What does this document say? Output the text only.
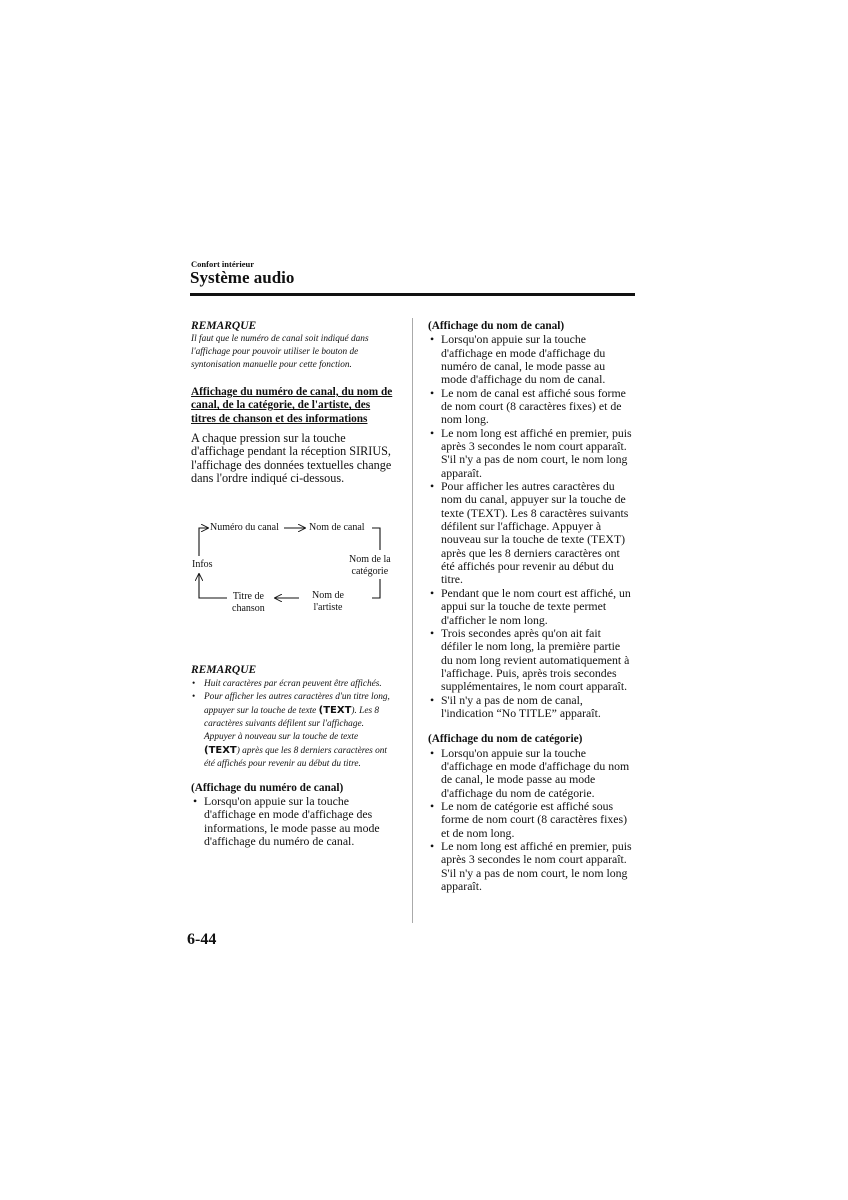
Confort intérieur
Système audio
REMARQUE
Il faut que le numéro de canal soit indiqué dans l'affichage pour pouvoir utiliser le bouton de syntonisation manuelle pour cette fonction.
Affichage du numéro de canal, du nom de canal, de la catégorie, de l'artiste, des titres de chanson et des informations
A chaque pression sur la touche d'affichage pendant la réception SIRIUS, l'affichage des données textuelles change dans l'ordre indiqué ci-dessous.
Numéro du canal	Nom de canal
Nom de la
catégorie
Nom de
l'artiste
Titre de
chanson
Infos
REMARQUE
• Huit caractères par écran peuvent être affichés.
• Pour afficher les autres caractères d'un titre long, appuyer sur la touche de texte (TEXT). Les 8 caractères suivants défilent sur l'affichage. Appuyer à nouveau sur la touche de texte (TEXT) après que les 8 derniers caractères ont été affichés pour revenir au début du titre.
(Affichage du numéro de canal)
• Lorsqu'on appuie sur la touche d'affichage en mode d'affichage des informations, le mode passe au mode d'affichage du numéro de canal.
(Affichage du nom de canal)
• Lorsqu'on appuie sur la touche d'affichage en mode d'affichage du numéro de canal, le mode passe au mode d'affichage du nom de canal.
• Le nom de canal est affiché sous forme de nom court (8 caractères fixes) et de nom long.
• Le nom long est affiché en premier, puis après 3 secondes le nom court apparaît. S'il n'y a pas de nom court, le nom long apparaît.
• Pour afficher les autres caractères du nom du canal, appuyer sur la touche de texte (TEXT). Les 8 caractères suivants défilent sur l'affichage. Appuyer à nouveau sur la touche de texte (TEXT) après que les 8 derniers caractères ont été affichés pour revenir au début du titre.
• Pendant que le nom court est affiché, un appui sur la touche de texte permet d'afficher le nom long.
• Trois secondes après qu'on ait fait défiler le nom long, la première partie du nom long revient automatiquement à l'affichage. Puis, après trois secondes supplémentaires, le nom court apparaît.
• S'il n'y a pas de nom de canal, l'indication “No TITLE” apparaît.
(Affichage du nom de catégorie)
• Lorsqu'on appuie sur la touche d'affichage en mode d'affichage du nom de canal, le mode passe au mode d'affichage du nom de catégorie.
• Le nom de catégorie est affiché sous forme de nom court (8 caractères fixes) et de nom long.
• Le nom long est affiché en premier, puis après 3 secondes le nom court apparaît. S'il n'y a pas de nom court, le nom long apparaît.
6-44
